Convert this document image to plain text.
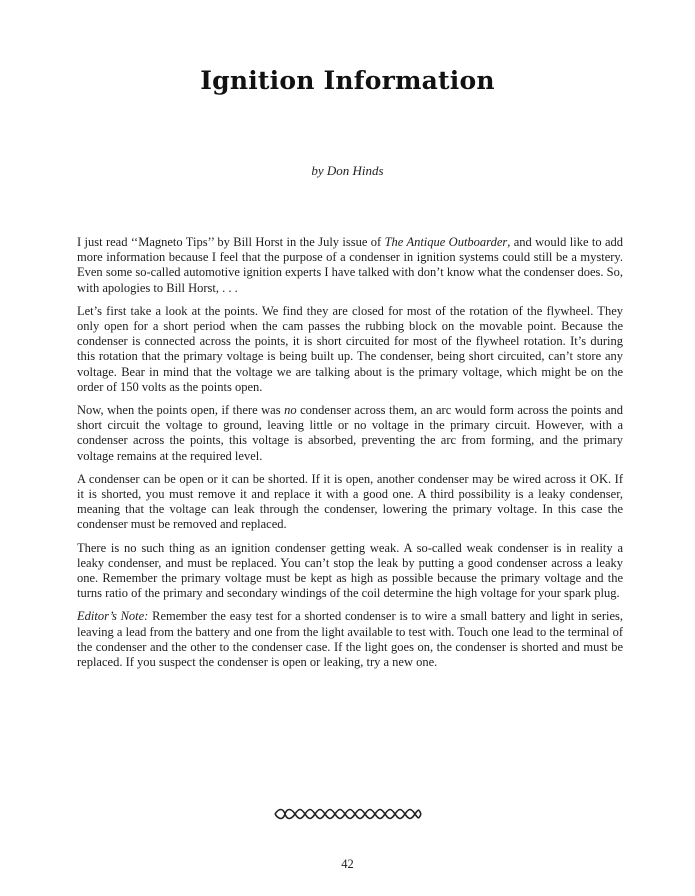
Ignition Information
by Don Hinds

I just read ‘‘Magneto Tips’’ by Bill Horst in the July issue of The Antique Outboarder, and would like to add more information because I feel that the purpose of a condenser in ignition systems could still be a mystery. Even some so-called automotive ignition experts I have talked with don’t know what the condenser does. So, with apologies to Bill Horst, . . .

Let’s first take a look at the points. We find they are closed for most of the rotation of the flywheel. They only open for a short period when the cam passes the rubbing block on the movable point. Because the condenser is connected across the points, it is short circuited for most of the flywheel rotation. It’s during this rotation that the primary voltage is being built up. The condenser, being short circuited, can’t store any voltage. Bear in mind that the voltage we are talking about is the primary voltage, which might be on the order of 150 volts as the points open.

Now, when the points open, if there was no condenser across them, an arc would form across the points and short circuit the voltage to ground, leaving little or no voltage in the primary circuit. However, with a condenser across the points, this voltage is absorbed, preventing the arc from forming, and the primary voltage remains at the required level.

A condenser can be open or it can be shorted. If it is open, another condenser may be wired across it OK. If it is shorted, you must remove it and replace it with a good one. A third possibility is a leaky condenser, meaning that the voltage can leak through the condenser, lowering the primary voltage. In this case the condenser must be removed and replaced.

There is no such thing as an ignition condenser getting weak. A so-called weak condenser is in reality a leaky condenser, and must be replaced. You can’t stop the leak by putting a good condenser across a leaky one. Remember the primary voltage must be kept as high as possible because the primary voltage and the turns ratio of the primary and secondary windings of the coil determine the high voltage for your spark plug.

Editor’s Note: Remember the easy test for a shorted condenser is to wire a small battery and light in series, leaving a lead from the battery and one from the light available to test with. Touch one lead to the terminal of the condenser and the other to the condenser case. If the light goes on, the condenser is shorted and must be replaced. If you suspect the condenser is open or leaking, try a new one.

42
